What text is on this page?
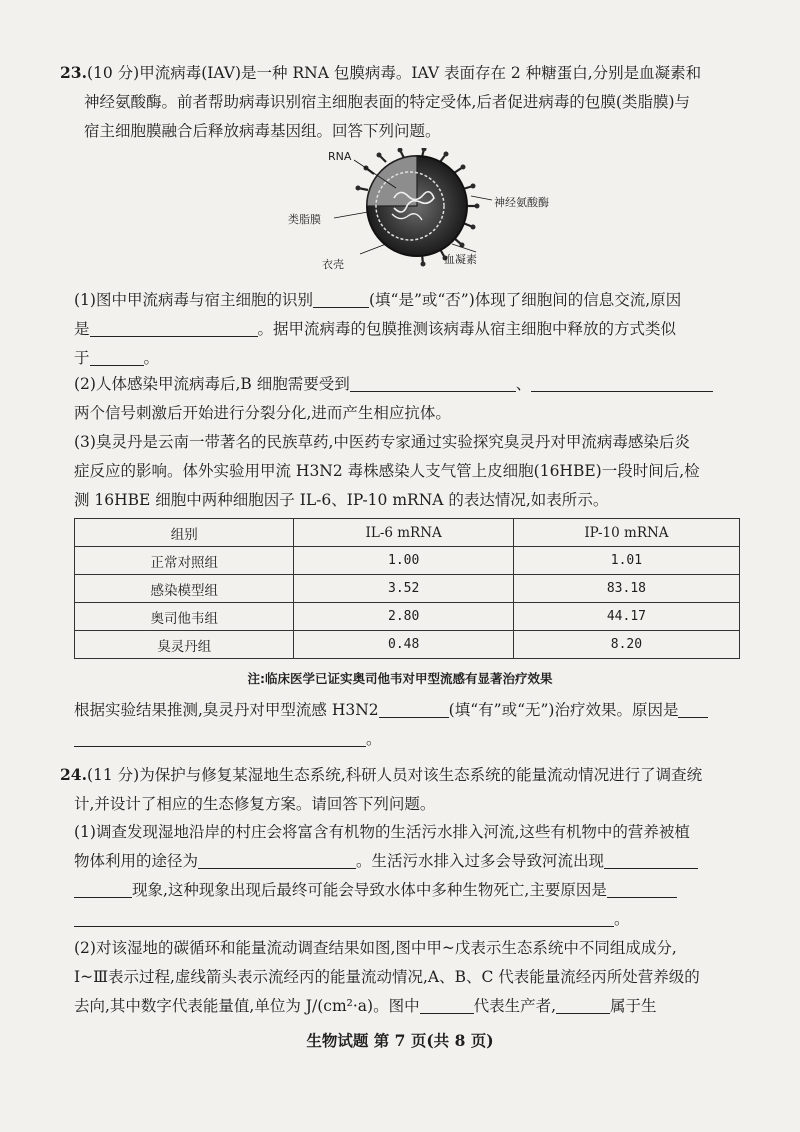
23.(10 分)甲流病毒(IAV)是一种 RNA 包膜病毒。IAV 表面存在 2 种糖蛋白,分别是血凝素和

神经氨酸酶。前者帮助病毒识别宿主细胞表面的特定受体,后者促进病毒的包膜(类脂膜)与

宿主细胞膜融合后释放病毒基因组。回答下列问题。

RNA
神经氨酸酶
类脂膜
血凝素
衣壳

(1)图中甲流病毒与宿主细胞的识别	(填“是”或“否”)体现了细胞间的信息交流,原因

是	。据甲流病毒的包膜推测该病毒从宿主细胞中释放的方式类似

于	。

(2)人体感染甲流病毒后,B 细胞需要受到	、

两个信号刺激后开始进行分裂分化,进而产生相应抗体。

(3)臭灵丹是云南一带著名的民族草药,中医药专家通过实验探究臭灵丹对甲流病毒感染后炎

症反应的影响。体外实验用甲流 H3N2 毒株感染人支气管上皮细胞(16HBE)一段时间后,检

测 16HBE 细胞中两种细胞因子 IL-6、IP-10 mRNA 的表达情况,如表所示。

组别	IL-6 mRNA	IP-10 mRNA
正常对照组	1.00	1.01
感染模型组	3.52	83.18
奥司他韦组	2.80	44.17
臭灵丹组	0.48	8.20
注:临床医学已证实奥司他韦对甲型流感有显著治疗效果

根据实验结果推测,臭灵丹对甲型流感 H3N2	(填“有”或“无”)治疗效果。原因是

。

24.(11 分)为保护与修复某湿地生态系统,科研人员对该生态系统的能量流动情况进行了调查统

计,并设计了相应的生态修复方案。请回答下列问题。

(1)调查发现湿地沿岸的村庄会将富含有机物的生活污水排入河流,这些有机物中的营养被植

物体利用的途径为	。生活污水排入过多会导致河流出现

现象,这种现象出现后最终可能会导致水体中多种生物死亡,主要原因是

。

(2)对该湿地的碳循环和能量流动调查结果如图,图中甲~戊表示生态系统中不同组成成分,

Ⅰ~Ⅲ表示过程,虚线箭头表示流经丙的能量流动情况,A、B、C 代表能量流经丙所处营养级的

去向,其中数字代表能量值,单位为 J/(cm²·a)。图中	代表生产者,	属于生

生物试题 第 7 页(共 8 页)
